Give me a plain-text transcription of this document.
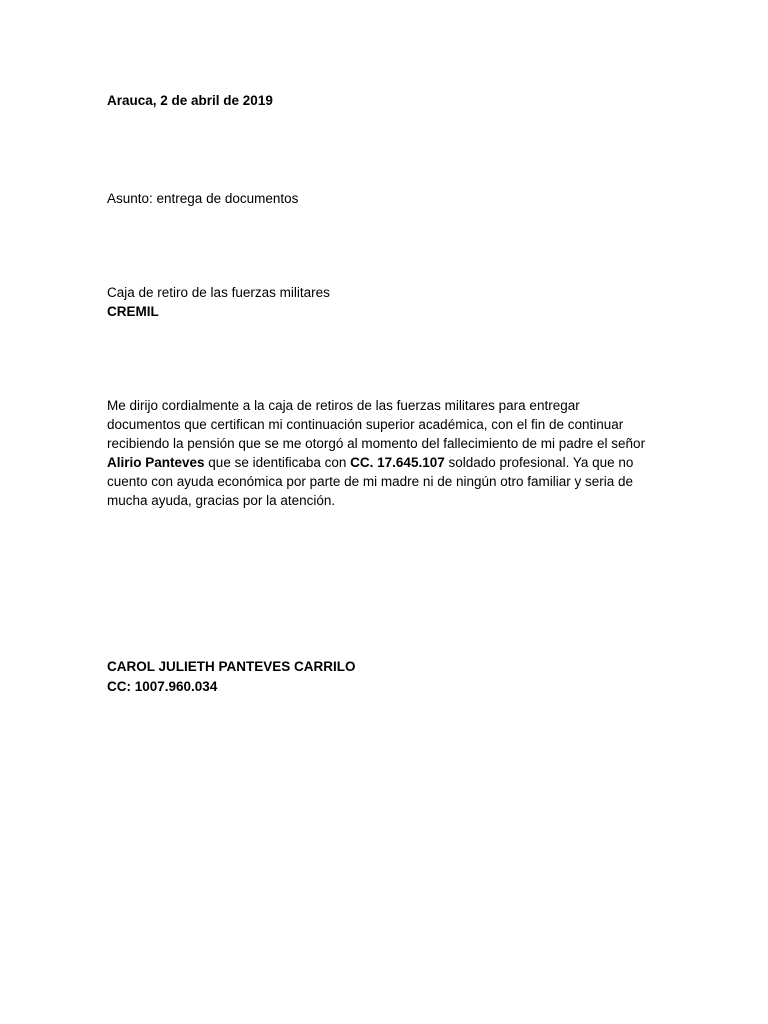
Arauca, 2 de abril de 2019
Asunto: entrega de documentos
Caja de retiro de las fuerzas militares
CREMIL
Me dirijo cordialmente a la caja de retiros de las fuerzas militares para entregar
documentos que certifican mi continuación superior académica, con el fin de continuar
recibiendo la pensión que se me otorgó al momento del fallecimiento de mi padre el señor
Alirio Panteves que se identificaba con CC. 17.645.107 soldado profesional. Ya que no
cuento con ayuda económica por parte de mi madre ni de ningún otro familiar y seria de
mucha ayuda, gracias por la atención.
CAROL JULIETH PANTEVES CARRILO
CC: 1007.960.034
